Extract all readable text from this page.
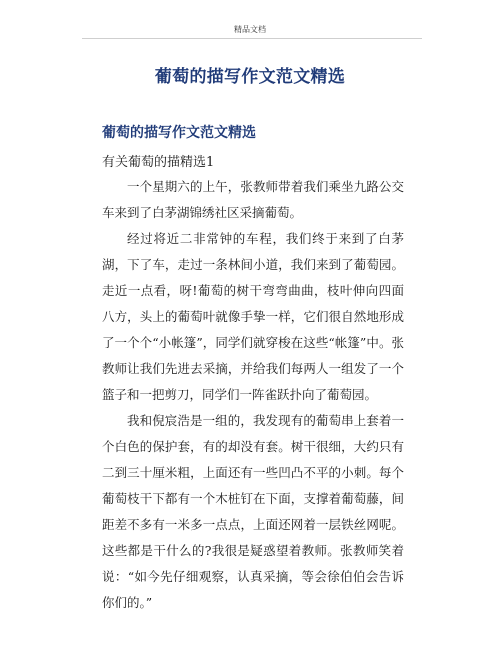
精品文档
葡萄的描写作文范文精选
葡萄的描写作文范文精选
有关葡萄的描精选1

一个星期六的上午，张教师带着我们乘坐九路公交车来到了白茅湖锦绣社区采摘葡萄。

经过将近二非常钟的车程，我们终于来到了白茅湖，下了车，走过一条林间小道，我们来到了葡萄园。走近一点看，呀!葡萄的树干弯弯曲曲，枝叶伸向四面八方，头上的葡萄叶就像手挚一样，它们很自然地形成了一个个“小帐篷”，同学们就穿梭在这些“帐篷”中。张教师让我们先进去采摘，并给我们每两人一组发了一个篮子和一把剪刀，同学们一阵雀跃扑向了葡萄园。

我和倪宸浩是一组的，我发现有的葡萄串上套着一个白色的保护套，有的却没有套。树干很细，大约只有二到三十厘米粗，上面还有一些凹凸不平的小刺。每个葡萄枝干下都有一个木桩钉在下面，支撑着葡萄藤，间距差不多有一米多一点点，上面还网着一层铁丝网呢。这些都是干什么的?我很是疑惑望着教师。张教师笑着说：“如今先仔细观察，认真采摘，等会徐伯伯会告诉你们的。”
